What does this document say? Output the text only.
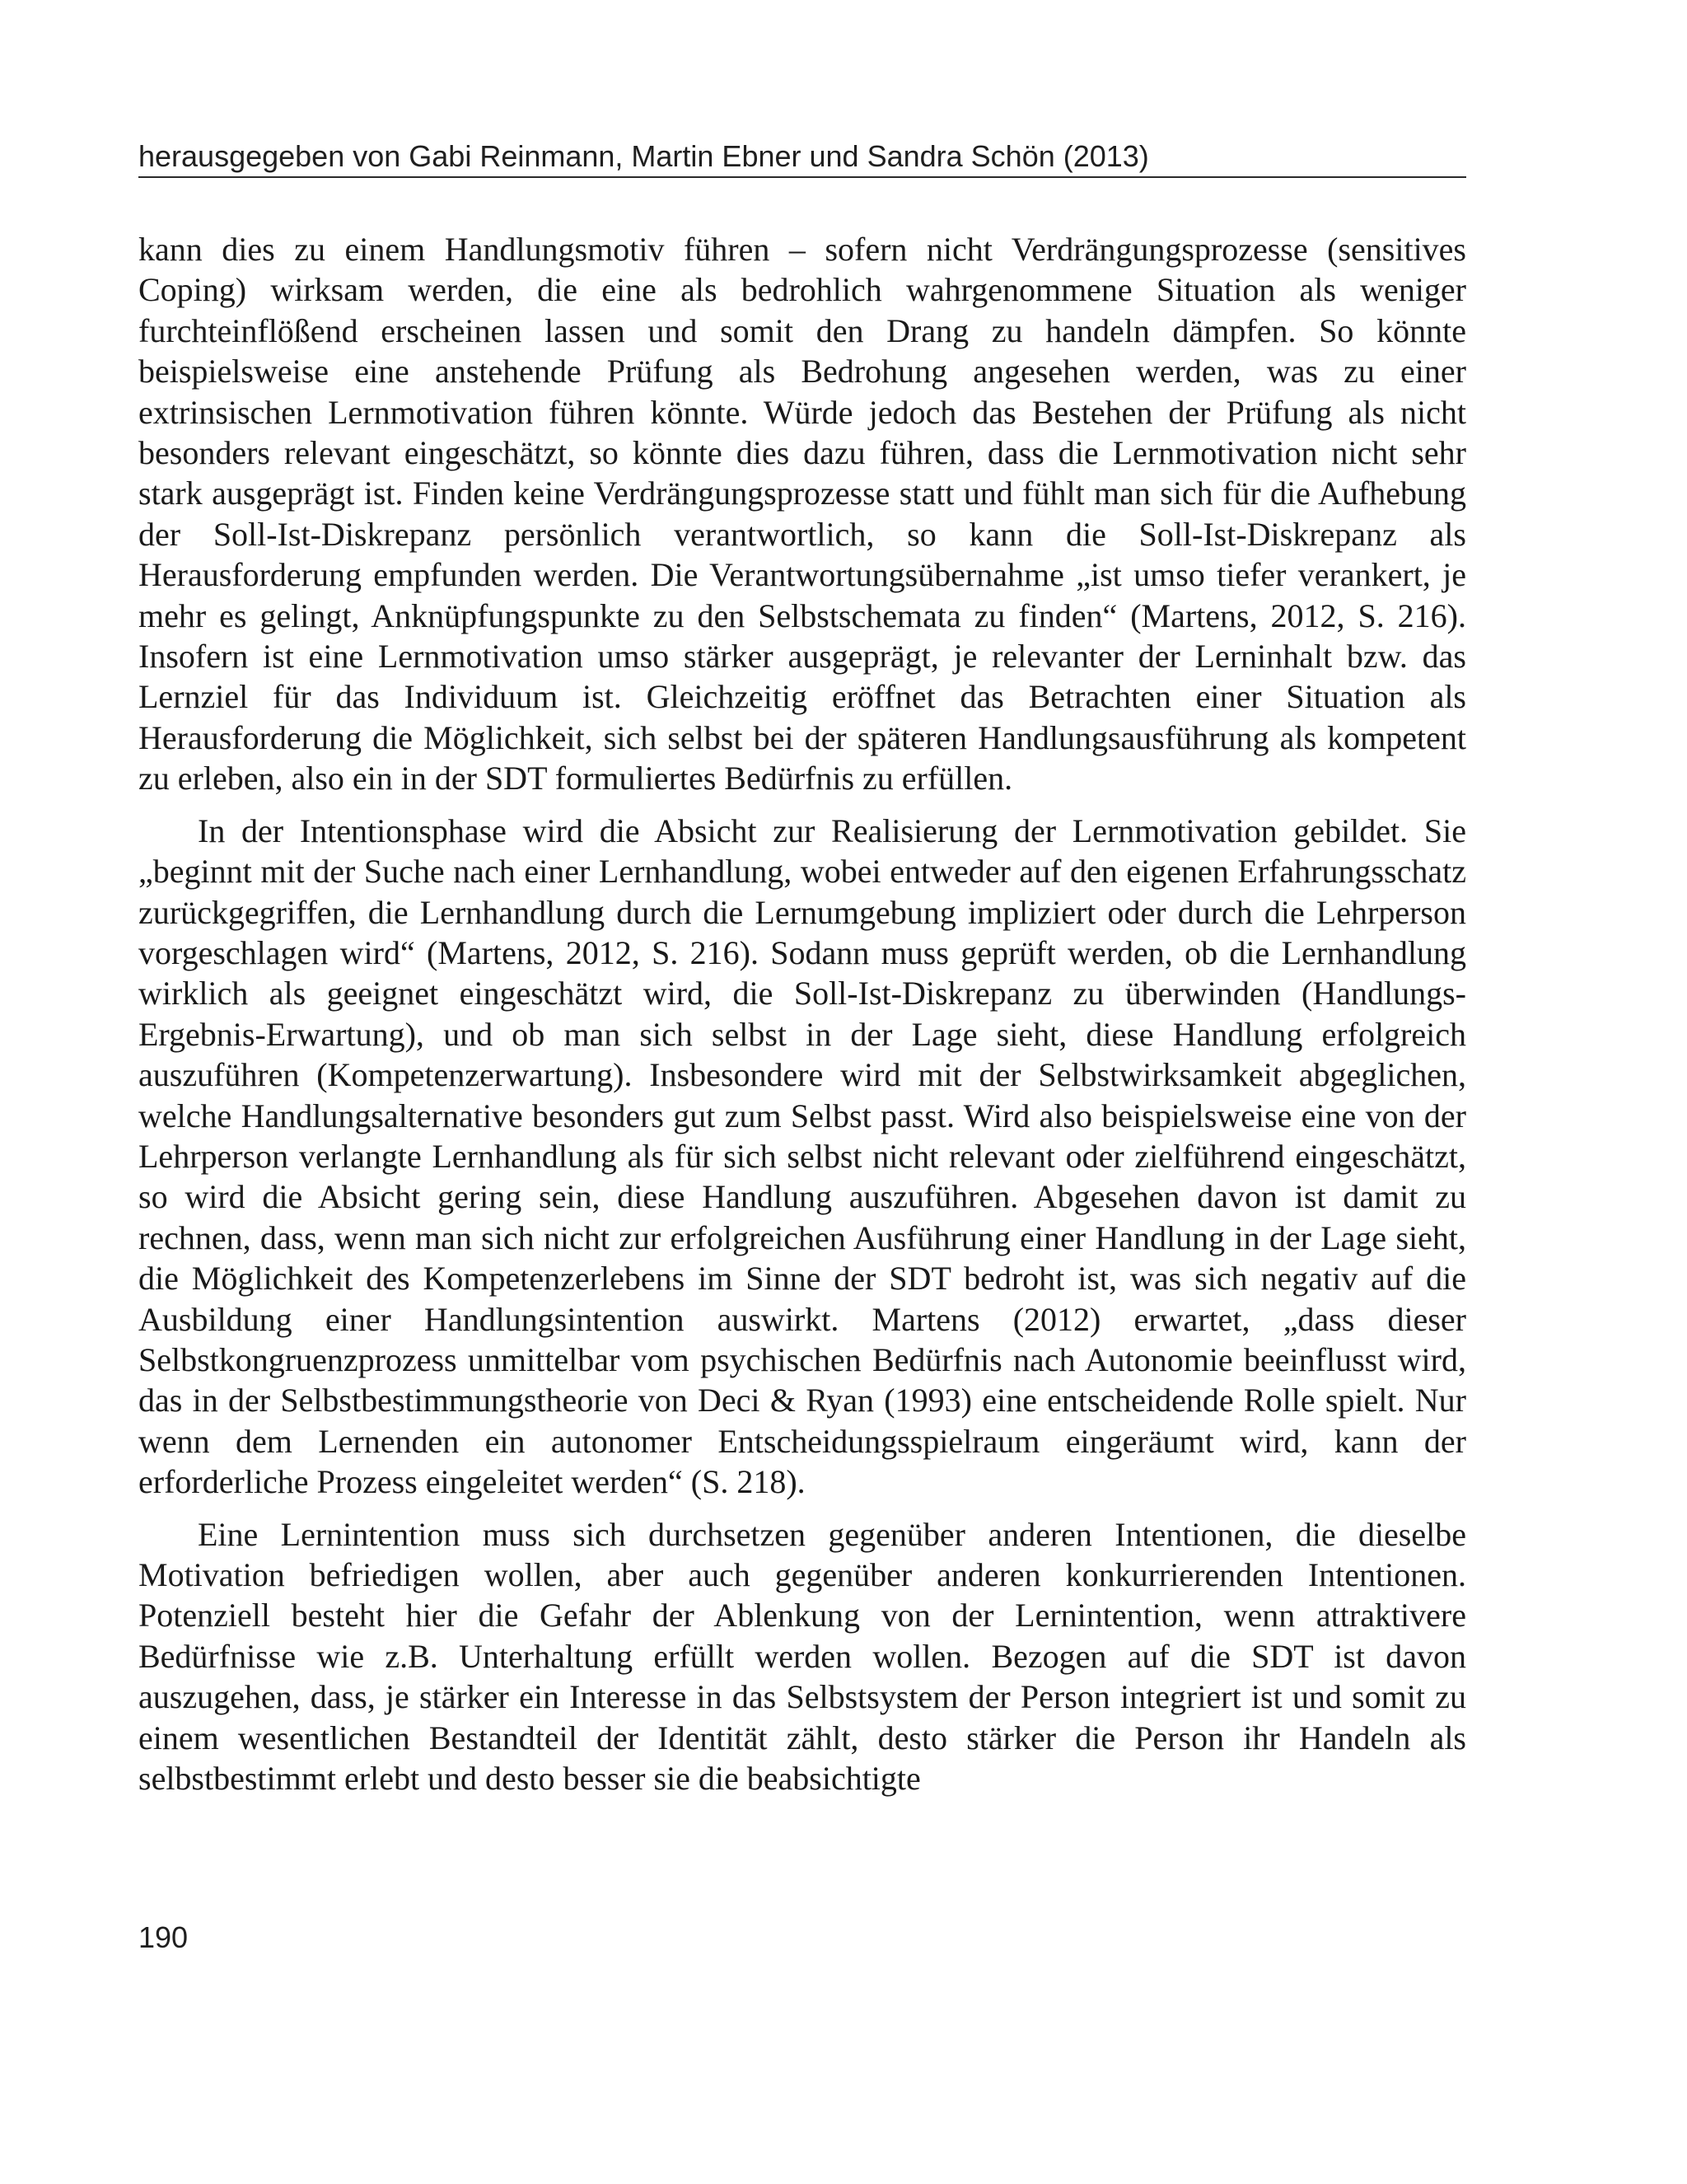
herausgegeben von Gabi Reinmann, Martin Ebner und Sandra Schön (2013)

kann dies zu einem Handlungsmotiv führen – sofern nicht Verdrängungsprozesse (sensitives Coping) wirksam werden, die eine als bedrohlich wahrgenommene Situation als weniger furchteinflößend erscheinen lassen und somit den Drang zu handeln dämpfen. So könnte beispielsweise eine anstehende Prüfung als Bedrohung angesehen werden, was zu einer extrinsischen Lernmotivation führen könnte. Würde jedoch das Bestehen der Prüfung als nicht besonders relevant eingeschätzt, so könnte dies dazu führen, dass die Lernmotivation nicht sehr stark ausgeprägt ist. Finden keine Verdrängungsprozesse statt und fühlt man sich für die Aufhebung der Soll-Ist-Diskrepanz persönlich verantwortlich, so kann die Soll-Ist-Diskrepanz als Herausforderung empfunden werden. Die Verantwortungsübernahme „ist umso tiefer verankert, je mehr es gelingt, Anknüpfungspunkte zu den Selbstschemata zu finden“ (Martens, 2012, S. 216). Insofern ist eine Lernmotivation umso stärker ausgeprägt, je relevanter der Lerninhalt bzw. das Lernziel für das Individuum ist. Gleichzeitig eröffnet das Betrachten einer Situation als Herausforderung die Möglichkeit, sich selbst bei der späteren Handlungsausführung als kompetent zu erleben, also ein in der SDT formuliertes Bedürfnis zu erfüllen.

In der Intentionsphase wird die Absicht zur Realisierung der Lernmotivation gebildet. Sie „beginnt mit der Suche nach einer Lernhandlung, wobei entweder auf den eigenen Erfahrungsschatz zurückgegriffen, die Lernhandlung durch die Lernumgebung impliziert oder durch die Lehrperson vorgeschlagen wird“ (Martens, 2012, S. 216). Sodann muss geprüft werden, ob die Lernhandlung wirklich als geeignet eingeschätzt wird, die Soll-Ist-Diskrepanz zu überwinden (Handlungs-Ergebnis-Erwartung), und ob man sich selbst in der Lage sieht, diese Handlung erfolgreich auszuführen (Kompetenzerwartung). Insbesondere wird mit der Selbstwirksamkeit abgeglichen, welche Handlungsalternative besonders gut zum Selbst passt. Wird also beispielsweise eine von der Lehrperson verlangte Lernhandlung als für sich selbst nicht relevant oder zielführend eingeschätzt, so wird die Absicht gering sein, diese Handlung auszuführen. Abgesehen davon ist damit zu rechnen, dass, wenn man sich nicht zur erfolgreichen Ausführung einer Handlung in der Lage sieht, die Möglichkeit des Kompetenzerlebens im Sinne der SDT bedroht ist, was sich negativ auf die Ausbildung einer Handlungsintention auswirkt. Martens (2012) erwartet, „dass dieser Selbstkongruenzprozess unmittelbar vom psychischen Bedürfnis nach Autonomie beeinflusst wird, das in der Selbstbestimmungstheorie von Deci & Ryan (1993) eine entscheidende Rolle spielt. Nur wenn dem Lernenden ein autonomer Entscheidungsspielraum eingeräumt wird, kann der erforderliche Prozess eingeleitet werden“ (S. 218).

Eine Lernintention muss sich durchsetzen gegenüber anderen Intentionen, die dieselbe Motivation befriedigen wollen, aber auch gegenüber anderen konkurrierenden Intentionen. Potenziell besteht hier die Gefahr der Ablenkung von der Lernintention, wenn attraktivere Bedürfnisse wie z.B. Unterhaltung erfüllt werden wollen. Bezogen auf die SDT ist davon auszugehen, dass, je stärker ein Interesse in das Selbstsystem der Person integriert ist und somit zu einem wesentlichen Bestandteil der Identität zählt, desto stärker die Person ihr Handeln als selbstbestimmt erlebt und desto besser sie die beabsichtigte

190
